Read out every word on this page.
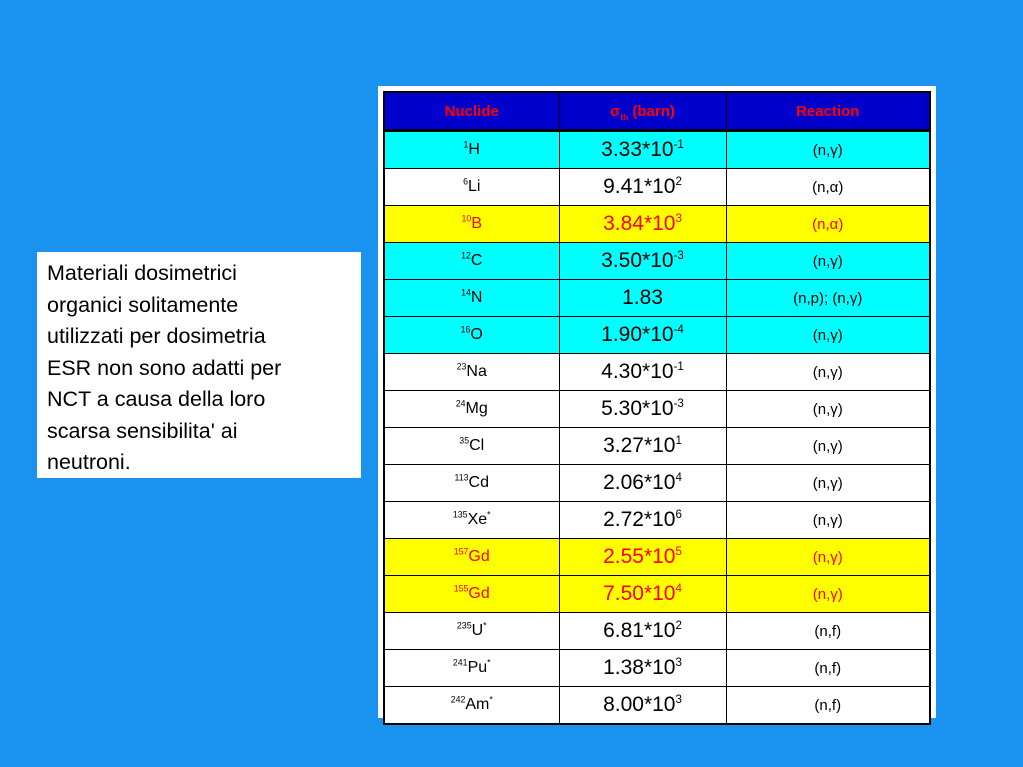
Materiali dosimetrici
organici solitamente
utilizzati per dosimetria
ESR non sono adatti per
NCT a causa della loro
scarsa sensibilita' ai
neutroni.
Nuclide	$\sigma_{th}$ (barn)	Reaction
$^1$H	$3.33*10^{-1}$	(n,γ)
$^6$Li	$9.41*10^2$	(n,α)
$^{10}$B	$3.84*10^3$	(n,α)
$^{12}$C	$3.50*10^{-3}$	(n,γ)
$^{14}$N	1.83	(n,p); (n,γ)
$^{16}$O	$1.90*10^{-4}$	(n,γ)
$^{23}$Na	$4.30*10^{-1}$	(n,γ)
$^{24}$Mg	$5.30*10^{-3}$	(n,γ)
$^{35}$Cl	$3.27*10^1$	(n,γ)
$^{113}$Cd	$2.06*10^4$	(n,γ)
$^{135}$Xe*	$2.72*10^6$	(n,γ)
$^{157}$Gd	$2.55*10^5$	(n,γ)
$^{155}$Gd	$7.50*10^4$	(n,γ)
$^{235}$U*	$6.81*10^2$	(n,f)
$^{241}$Pu*	$1.38*10^3$	(n,f)
$^{242}$Am*	$8.00*10^3$	(n,f)
